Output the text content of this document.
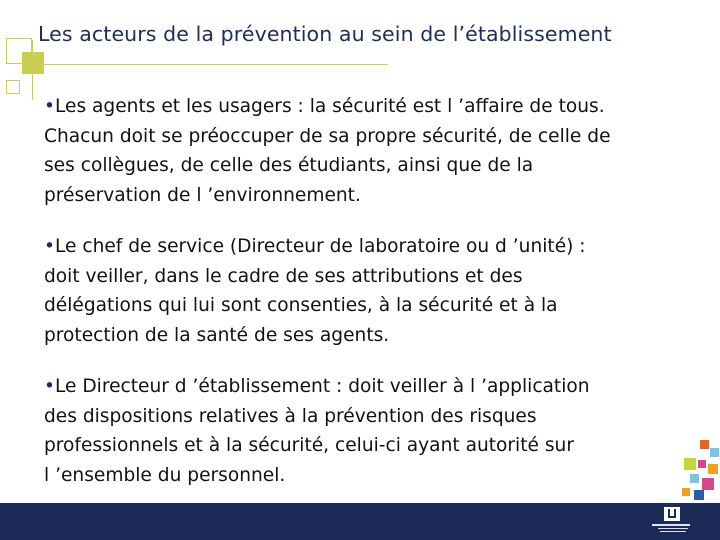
Les acteurs de la prévention au sein de l’établissement

•Les agents et les usagers : la sécurité est l ’affaire de tous.
Chacun doit se préoccuper de sa propre sécurité, de celle de
ses collègues, de celle des étudiants, ainsi que de la
préservation de l ’environnement.

•Le chef de service (Directeur de laboratoire ou d ’unité) :
doit veiller, dans le cadre de ses attributions et des
délégations qui lui sont consenties, à la sécurité et à la
protection de la santé de ses agents.

•Le Directeur d ’établissement : doit veiller à l ’application
des dispositions relatives à la prévention des risques
professionnels et à la sécurité, celui-ci ayant autorité sur
l ’ensemble du personnel.
